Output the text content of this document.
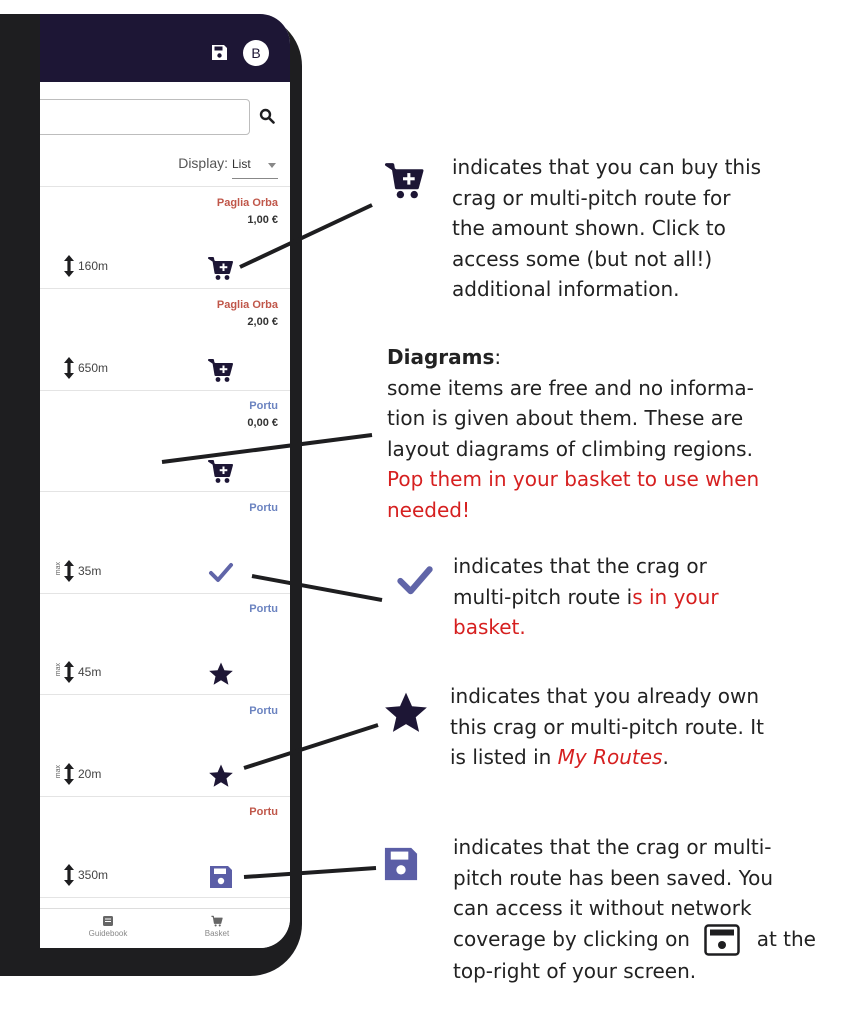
B
Display: List
Paglia Orba
1,00 €
160m
Paglia Orba
2,00 €
650m
Portu
0,00 €
Portu
max 35m
Portu
max 45m
Portu
max 20m
Portu
350m
Guidebook	Basket
indicates that you can buy this
crag or multi-pitch route for
the amount shown. Click to
access some (but not all!)
additional information.
Diagrams:
some items are free and no informa-
tion is given about them. These are
layout diagrams of climbing regions.
Pop them in your basket to use when
needed!
indicates that the crag or
multi-pitch route is in your
basket.
indicates that you already own
this crag or multi-pitch route. It
is listed in My Routes.
indicates that the crag or multi-
pitch route has been saved. You
can access it without network
coverage by clicking on	at the
top-right of your screen.
